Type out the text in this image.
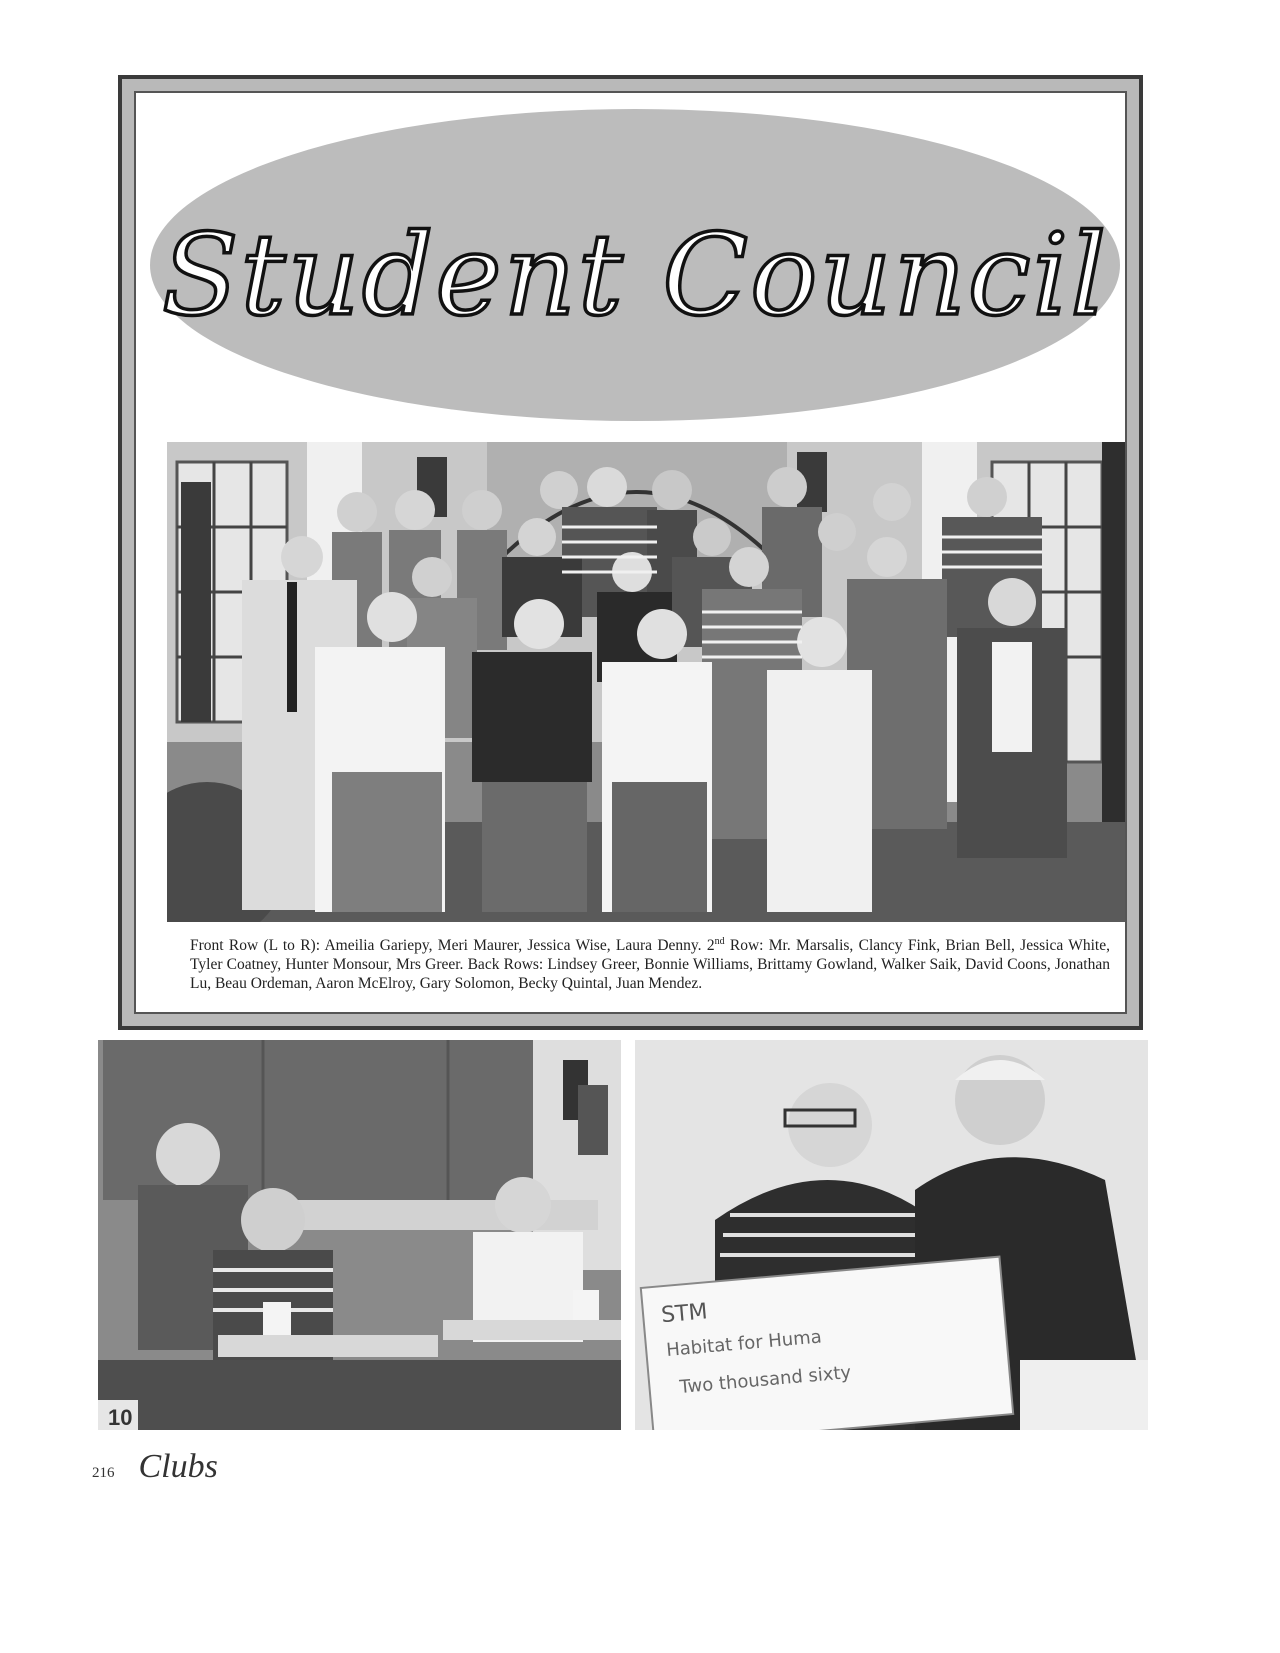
Student Council
Front Row (L to R): Ameilia Gariepy, Meri Maurer, Jessica Wise, Laura Denny. 2nd Row: Mr. Marsalis, Clancy Fink, Brian Bell, Jessica White, Tyler Coatney, Hunter Monsour, Mrs Greer. Back Rows: Lindsey Greer, Bonnie Williams, Brittamy Gowland, Walker Saik, David Coons, Jonathan Lu, Beau Ordeman, Aaron McElroy, Gary Solomon, Becky Quintal, Juan Mendez.
10
STM
Habitat for Huma
Two thousand sixty
216 Clubs
